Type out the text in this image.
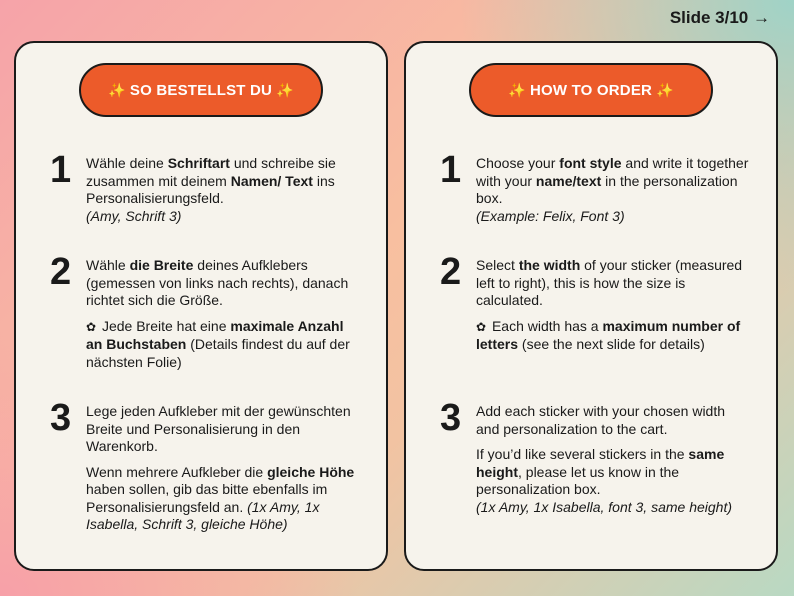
Slide 3/10 →
✨ SO BESTELLST DU ✨
1 Wähle deine Schriftart und schreibe sie zusammen mit deinem Namen/ Text ins Personalisierungsfeld.
(Amy, Schrift 3)

2 Wähle die Breite deines Aufklebers (gemessen von links nach rechts), danach richtet sich die Größe.

✿ Jede Breite hat eine maximale Anzahl an Buchstaben (Details findest du auf der nächsten Folie)

3 Lege jeden Aufkleber mit der gewünschten Breite und Personalisierung in den Warenkorb.

Wenn mehrere Aufkleber die gleiche Höhe haben sollen, gib das bitte ebenfalls im Personalisierungsfeld an. (1x Amy, 1x Isabella, Schrift 3, gleiche Höhe)

✨ HOW TO ORDER ✨
1 Choose your font style and write it together with your name/text in the personalization box.
(Example: Felix, Font 3)

2 Select the width of your sticker (measured left to right), this is how the size is calculated.

✿ Each width has a maximum number of letters (see the next slide for details)

3 Add each sticker with your chosen width and personalization to the cart.

If you’d like several stickers in the same height, please let us know in the personalization box.
(1x Amy, 1x Isabella, font 3, same height)
